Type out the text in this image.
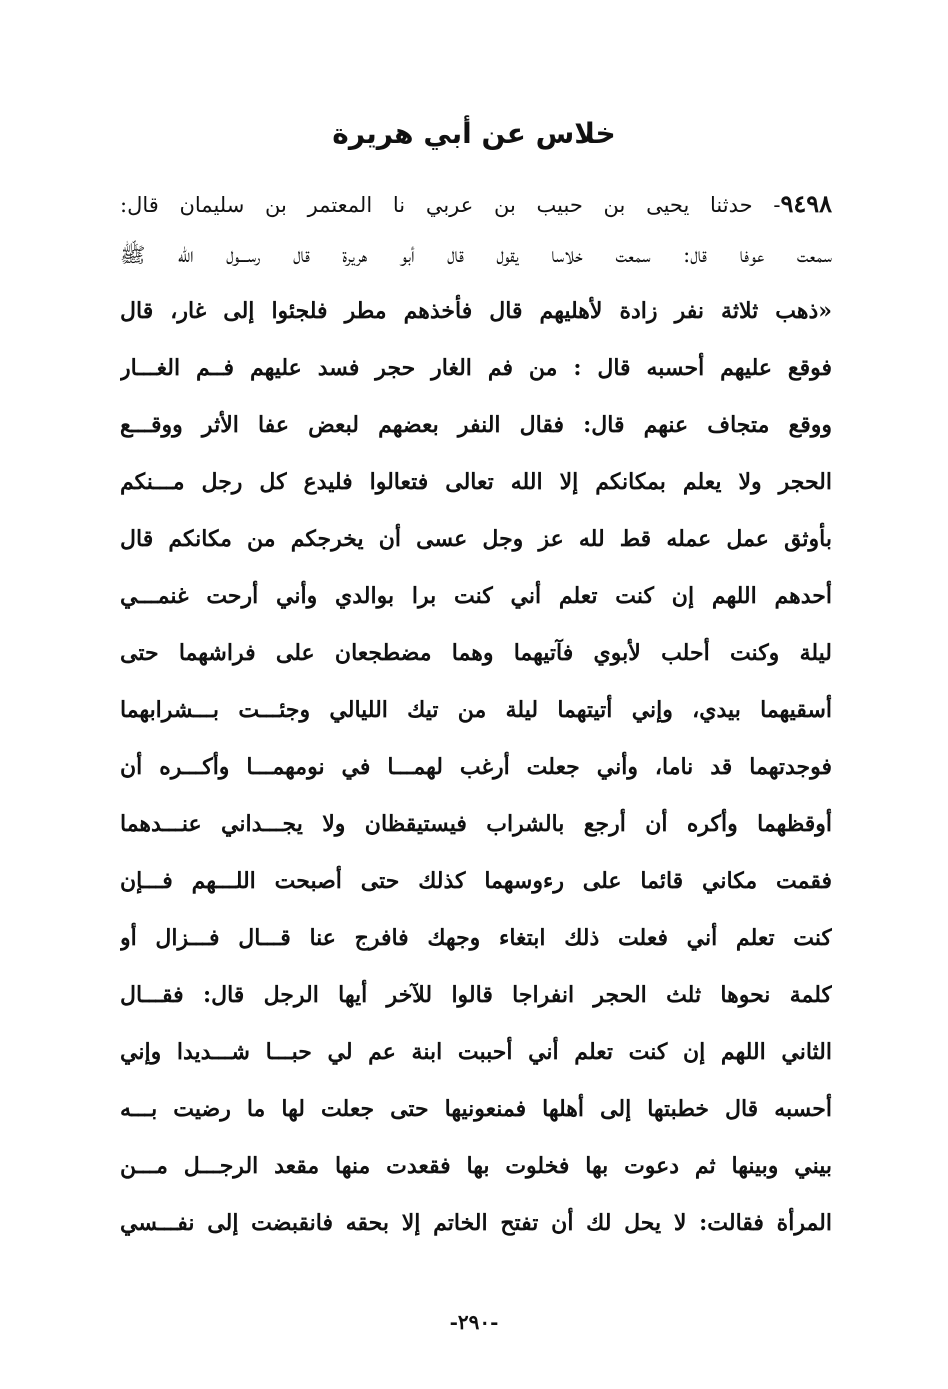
خلاس عن أبي هريرة
٩٤٩٨- حدثنا يحيى بن حبيب بن عربي نا المعتمر بن سليمان قال:
سمعت عوفا قال: سمعت خلاسا يقول قال أبو هريرة قال رســـول الله ﷺ
«ذهب ثلاثة نفر زادة لأهليهم قال فأخذهم مطر فلجئوا إلى غار، قال
فوقع عليهم أحسبه قال : من فم الغار حجر فسد عليهم فــم الغـــار
ووقع متجاف عنهم قال: فقال النفر بعضهم لبعض عفا الأثر ووقـــع
الحجر ولا يعلم بمكانكم إلا الله تعالى فتعالوا فليدع كل رجل مـــنكم
بأوثق عمل عمله قط لله عز وجل عسى أن يخرجكم من مكانكم قال
أحدهم اللهم إن كنت تعلم أني كنت برا بوالدي وأني أرحت غنمـــي
ليلة وكنت أحلب لأبوي فآتيهما وهما مضطجعان على فراشهما حتى
أسقيهما بيدي، وإني أتيتهما ليلة من تيك الليالي وجئـــت بـــشرابهما
فوجدتهما قد ناما، وأني جعلت أرغب لهمـــا في نومهمـــا وأكـــره أن
أوقظهما وأكره أن أرجع بالشراب فيستيقظان ولا يجـــداني عنـــدهما
فقمت مكاني قائما على رءوسهما كذلك حتى أصبحت اللـــهم فـــإن
كنت تعلم أني فعلت ذلك ابتغاء وجهك فافرج عنا قـــال فـــزال أو
كلمة نحوها ثلث الحجر انفراجا قالوا للآخر أيها الرجل قال: فقـــال
الثاني اللهم إن كنت تعلم أني أحببت ابنة عم لي حبـــا شـــديدا وإني
أحسبه قال خطبتها إلى أهلها فمنعونيها حتى جعلت لها ما رضيت بـــه
بيني وبينها ثم دعوت بها فخلوت بها فقعدت منها مقعد الرجـــل مـــن
المرأة فقالت: لا يحل لك أن تفتح الخاتم إلا بحقه فانقبضت إلى نفـــسي
-٢٩٠-
